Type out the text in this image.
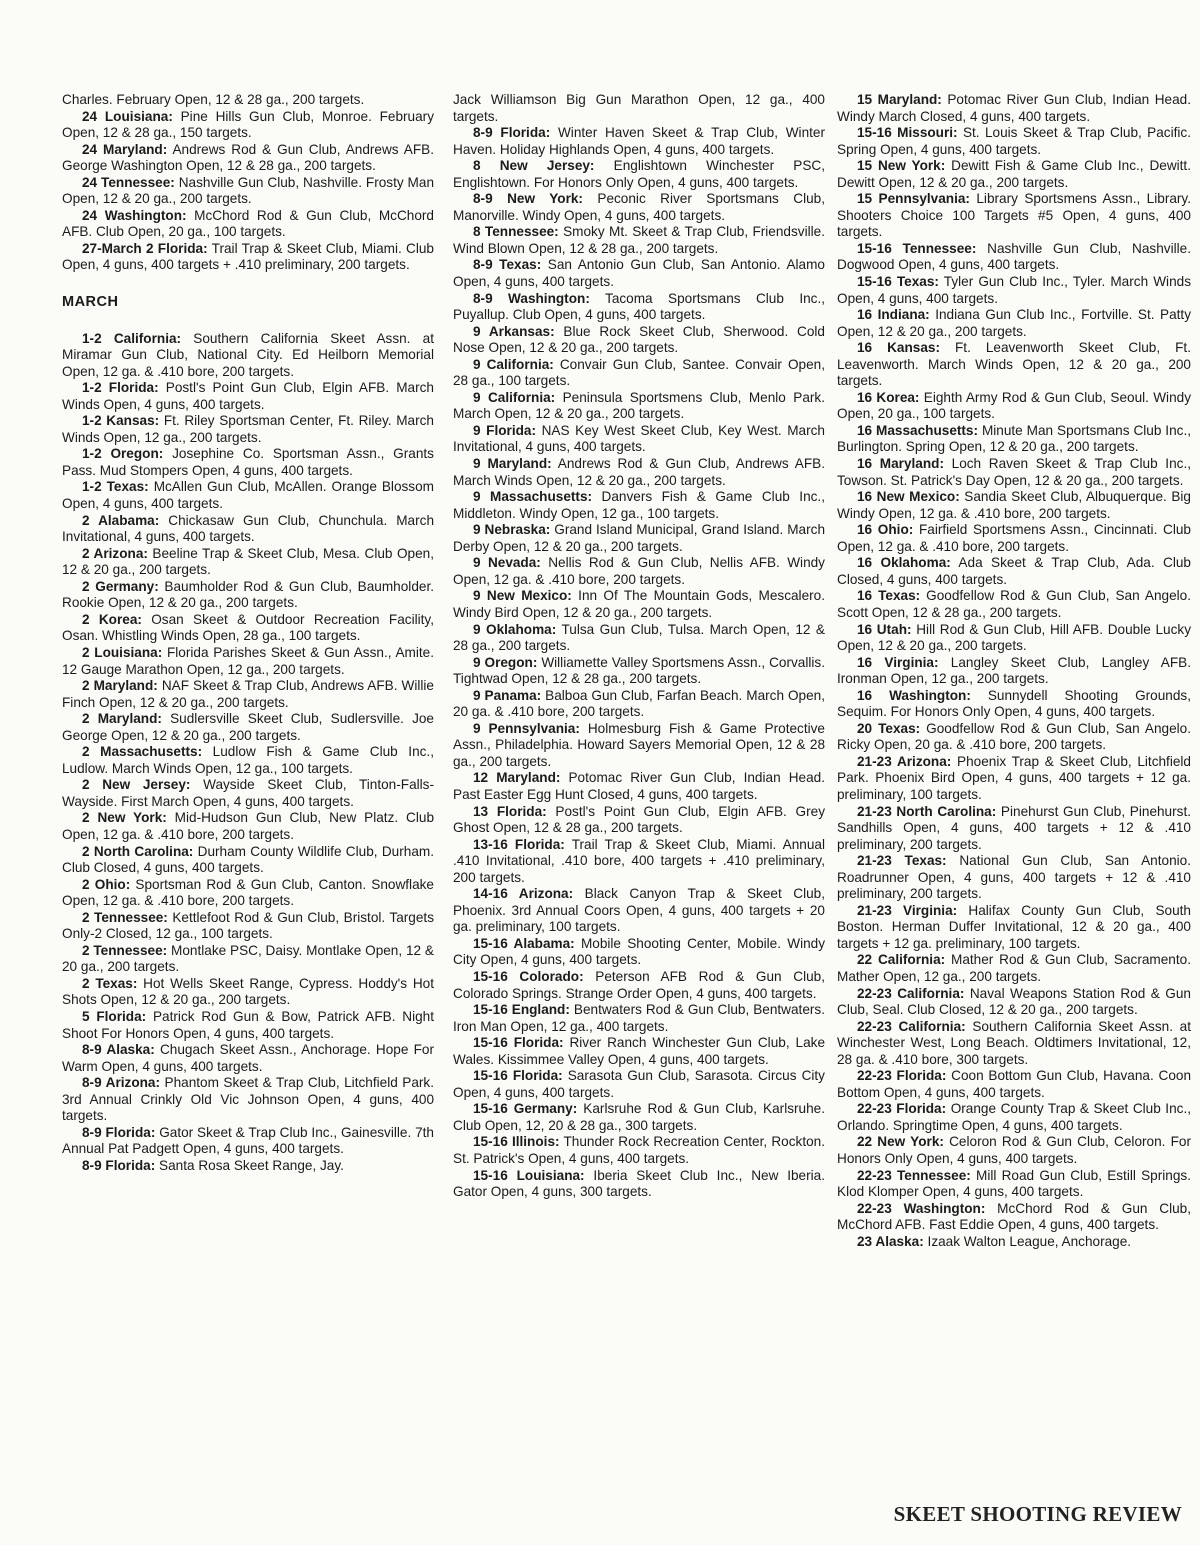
Charles. February Open, 12 & 28 ga., 200 targets.

24 Louisiana: Pine Hills Gun Club, Monroe. February Open, 12 & 28 ga., 150 targets.

24 Maryland: Andrews Rod & Gun Club, Andrews AFB. George Washington Open, 12 & 28 ga., 200 targets.

24 Tennessee: Nashville Gun Club, Nashville. Frosty Man Open, 12 & 20 ga., 200 targets.

24 Washington: McChord Rod & Gun Club, McChord AFB. Club Open, 20 ga., 100 targets.

27-March 2 Florida: Trail Trap & Skeet Club, Miami. Club Open, 4 guns, 400 targets + .410 preliminary, 200 targets.

MARCH

1-2 California: Southern California Skeet Assn. at Miramar Gun Club, National City. Ed Heilborn Memorial Open, 12 ga. & .410 bore, 200 targets.

1-2 Florida: Postl's Point Gun Club, Elgin AFB. March Winds Open, 4 guns, 400 targets.

1-2 Kansas: Ft. Riley Sportsman Center, Ft. Riley. March Winds Open, 12 ga., 200 targets.

1-2 Oregon: Josephine Co. Sportsman Assn., Grants Pass. Mud Stompers Open, 4 guns, 400 targets.

1-2 Texas: McAllen Gun Club, McAllen. Orange Blossom Open, 4 guns, 400 targets.

2 Alabama: Chickasaw Gun Club, Chunchula. March Invitational, 4 guns, 400 targets.

2 Arizona: Beeline Trap & Skeet Club, Mesa. Club Open, 12 & 20 ga., 200 targets.

2 Germany: Baumholder Rod & Gun Club, Baumholder. Rookie Open, 12 & 20 ga., 200 targets.

2 Korea: Osan Skeet & Outdoor Recreation Facility, Osan. Whistling Winds Open, 28 ga., 100 targets.

2 Louisiana: Florida Parishes Skeet & Gun Assn., Amite. 12 Gauge Marathon Open, 12 ga., 200 targets.

2 Maryland: NAF Skeet & Trap Club, Andrews AFB. Willie Finch Open, 12 & 20 ga., 200 targets.

2 Maryland: Sudlersville Skeet Club, Sudlersville. Joe George Open, 12 & 20 ga., 200 targets.

2 Massachusetts: Ludlow Fish & Game Club Inc., Ludlow. March Winds Open, 12 ga., 100 targets.

2 New Jersey: Wayside Skeet Club, Tinton-Falls-Wayside. First March Open, 4 guns, 400 targets.

2 New York: Mid-Hudson Gun Club, New Platz. Club Open, 12 ga. & .410 bore, 200 targets.

2 North Carolina: Durham County Wildlife Club, Durham. Club Closed, 4 guns, 400 targets.

2 Ohio: Sportsman Rod & Gun Club, Canton. Snowflake Open, 12 ga. & .410 bore, 200 targets.

2 Tennessee: Kettlefoot Rod & Gun Club, Bristol. Targets Only-2 Closed, 12 ga., 100 targets.

2 Tennessee: Montlake PSC, Daisy. Montlake Open, 12 & 20 ga., 200 targets.

2 Texas: Hot Wells Skeet Range, Cypress. Hoddy's Hot Shots Open, 12 & 20 ga., 200 targets.

5 Florida: Patrick Rod Gun & Bow, Patrick AFB. Night Shoot For Honors Open, 4 guns, 400 targets.

8-9 Alaska: Chugach Skeet Assn., Anchorage. Hope For Warm Open, 4 guns, 400 targets.

8-9 Arizona: Phantom Skeet & Trap Club, Litchfield Park. 3rd Annual Crinkly Old Vic Johnson Open, 4 guns, 400 targets.

8-9 Florida: Gator Skeet & Trap Club Inc., Gainesville. 7th Annual Pat Padgett Open, 4 guns, 400 targets.

8-9 Florida: Santa Rosa Skeet Range, Jay.

Jack Williamson Big Gun Marathon Open, 12 ga., 400 targets.

8-9 Florida: Winter Haven Skeet & Trap Club, Winter Haven. Holiday Highlands Open, 4 guns, 400 targets.

8 New Jersey: Englishtown Winchester PSC, Englishtown. For Honors Only Open, 4 guns, 400 targets.

8-9 New York: Peconic River Sportsmans Club, Manorville. Windy Open, 4 guns, 400 targets.

8 Tennessee: Smoky Mt. Skeet & Trap Club, Friendsville. Wind Blown Open, 12 & 28 ga., 200 targets.

8-9 Texas: San Antonio Gun Club, San Antonio. Alamo Open, 4 guns, 400 targets.

8-9 Washington: Tacoma Sportsmans Club Inc., Puyallup. Club Open, 4 guns, 400 targets.

9 Arkansas: Blue Rock Skeet Club, Sherwood. Cold Nose Open, 12 & 20 ga., 200 targets.

9 California: Convair Gun Club, Santee. Convair Open, 28 ga., 100 targets.

9 California: Peninsula Sportsmens Club, Menlo Park. March Open, 12 & 20 ga., 200 targets.

9 Florida: NAS Key West Skeet Club, Key West. March Invitational, 4 guns, 400 targets.

9 Maryland: Andrews Rod & Gun Club, Andrews AFB. March Winds Open, 12 & 20 ga., 200 targets.

9 Massachusetts: Danvers Fish & Game Club Inc., Middleton. Windy Open, 12 ga., 100 targets.

9 Nebraska: Grand Island Municipal, Grand Island. March Derby Open, 12 & 20 ga., 200 targets.

9 Nevada: Nellis Rod & Gun Club, Nellis AFB. Windy Open, 12 ga. & .410 bore, 200 targets.

9 New Mexico: Inn Of The Mountain Gods, Mescalero. Windy Bird Open, 12 & 20 ga., 200 targets.

9 Oklahoma: Tulsa Gun Club, Tulsa. March Open, 12 & 28 ga., 200 targets.

9 Oregon: Williamette Valley Sportsmens Assn., Corvallis. Tightwad Open, 12 & 28 ga., 200 targets.

9 Panama: Balboa Gun Club, Farfan Beach. March Open, 20 ga. & .410 bore, 200 targets.

9 Pennsylvania: Holmesburg Fish & Game Protective Assn., Philadelphia. Howard Sayers Memorial Open, 12 & 28 ga., 200 targets.

12 Maryland: Potomac River Gun Club, Indian Head. Past Easter Egg Hunt Closed, 4 guns, 400 targets.

13 Florida: Postl's Point Gun Club, Elgin AFB. Grey Ghost Open, 12 & 28 ga., 200 targets.

13-16 Florida: Trail Trap & Skeet Club, Miami. Annual .410 Invitational, .410 bore, 400 targets + .410 preliminary, 200 targets.

14-16 Arizona: Black Canyon Trap & Skeet Club, Phoenix. 3rd Annual Coors Open, 4 guns, 400 targets + 20 ga. preliminary, 100 targets.

15-16 Alabama: Mobile Shooting Center, Mobile. Windy City Open, 4 guns, 400 targets.

15-16 Colorado: Peterson AFB Rod & Gun Club, Colorado Springs. Strange Order Open, 4 guns, 400 targets.

15-16 England: Bentwaters Rod & Gun Club, Bentwaters. Iron Man Open, 12 ga., 400 targets.

15-16 Florida: River Ranch Winchester Gun Club, Lake Wales. Kissimmee Valley Open, 4 guns, 400 targets.

15-16 Florida: Sarasota Gun Club, Sarasota. Circus City Open, 4 guns, 400 targets.

15-16 Germany: Karlsruhe Rod & Gun Club, Karlsruhe. Club Open, 12, 20 & 28 ga., 300 targets.

15-16 Illinois: Thunder Rock Recreation Center, Rockton. St. Patrick's Open, 4 guns, 400 targets.

15-16 Louisiana: Iberia Skeet Club Inc., New Iberia. Gator Open, 4 guns, 300 targets.

15 Maryland: Potomac River Gun Club, Indian Head. Windy March Closed, 4 guns, 400 targets.

15-16 Missouri: St. Louis Skeet & Trap Club, Pacific. Spring Open, 4 guns, 400 targets.

15 New York: Dewitt Fish & Game Club Inc., Dewitt. Dewitt Open, 12 & 20 ga., 200 targets.

15 Pennsylvania: Library Sportsmens Assn., Library. Shooters Choice 100 Targets #5 Open, 4 guns, 400 targets.

15-16 Tennessee: Nashville Gun Club, Nashville. Dogwood Open, 4 guns, 400 targets.

15-16 Texas: Tyler Gun Club Inc., Tyler. March Winds Open, 4 guns, 400 targets.

16 Indiana: Indiana Gun Club Inc., Fortville. St. Patty Open, 12 & 20 ga., 200 targets.

16 Kansas: Ft. Leavenworth Skeet Club, Ft. Leavenworth. March Winds Open, 12 & 20 ga., 200 targets.

16 Korea: Eighth Army Rod & Gun Club, Seoul. Windy Open, 20 ga., 100 targets.

16 Massachusetts: Minute Man Sportsmans Club Inc., Burlington. Spring Open, 12 & 20 ga., 200 targets.

16 Maryland: Loch Raven Skeet & Trap Club Inc., Towson. St. Patrick's Day Open, 12 & 20 ga., 200 targets.

16 New Mexico: Sandia Skeet Club, Albuquerque. Big Windy Open, 12 ga. & .410 bore, 200 targets.

16 Ohio: Fairfield Sportsmens Assn., Cincinnati. Club Open, 12 ga. & .410 bore, 200 targets.

16 Oklahoma: Ada Skeet & Trap Club, Ada. Club Closed, 4 guns, 400 targets.

16 Texas: Goodfellow Rod & Gun Club, San Angelo. Scott Open, 12 & 28 ga., 200 targets.

16 Utah: Hill Rod & Gun Club, Hill AFB. Double Lucky Open, 12 & 20 ga., 200 targets.

16 Virginia: Langley Skeet Club, Langley AFB. Ironman Open, 12 ga., 200 targets.

16 Washington: Sunnydell Shooting Grounds, Sequim. For Honors Only Open, 4 guns, 400 targets.

20 Texas: Goodfellow Rod & Gun Club, San Angelo. Ricky Open, 20 ga. & .410 bore, 200 targets.

21-23 Arizona: Phoenix Trap & Skeet Club, Litchfield Park. Phoenix Bird Open, 4 guns, 400 targets + 12 ga. preliminary, 100 targets.

21-23 North Carolina: Pinehurst Gun Club, Pinehurst. Sandhills Open, 4 guns, 400 targets + 12 & .410 preliminary, 200 targets.

21-23 Texas: National Gun Club, San Antonio. Roadrunner Open, 4 guns, 400 targets + 12 & .410 preliminary, 200 targets.

21-23 Virginia: Halifax County Gun Club, South Boston. Herman Duffer Invitational, 12 & 20 ga., 400 targets + 12 ga. preliminary, 100 targets.

22 California: Mather Rod & Gun Club, Sacramento. Mather Open, 12 ga., 200 targets.

22-23 California: Naval Weapons Station Rod & Gun Club, Seal. Club Closed, 12 & 20 ga., 200 targets.

22-23 California: Southern California Skeet Assn. at Winchester West, Long Beach. Oldtimers Invitational, 12, 28 ga. & .410 bore, 300 targets.

22-23 Florida: Coon Bottom Gun Club, Havana. Coon Bottom Open, 4 guns, 400 targets.

22-23 Florida: Orange County Trap & Skeet Club Inc., Orlando. Springtime Open, 4 guns, 400 targets.

22 New York: Celoron Rod & Gun Club, Celoron. For Honors Only Open, 4 guns, 400 targets.

22-23 Tennessee: Mill Road Gun Club, Estill Springs. Klod Klomper Open, 4 guns, 400 targets.

22-23 Washington: McChord Rod & Gun Club, McChord AFB. Fast Eddie Open, 4 guns, 400 targets.

23 Alaska: Izaak Walton League, Anchorage.

SKEET SHOOTING REVIEW
